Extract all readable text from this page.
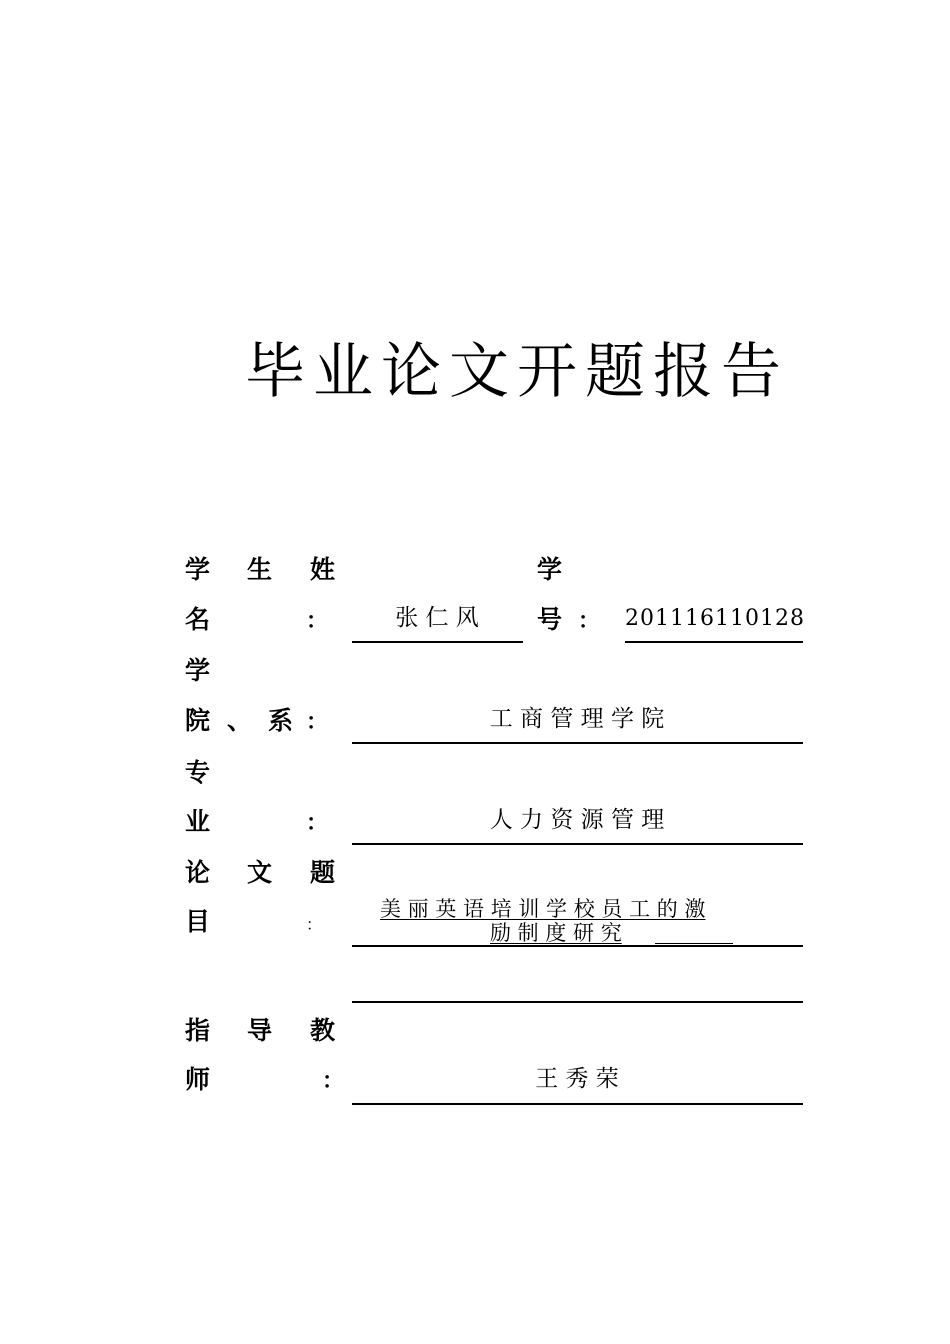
毕业论文开题报告
学 生 姓
名	：	张 仁 风
学
号 ： 201116110128
学
院 、 系 ：	工 商 管 理 学 院
专
业	：	人 力 资 源 管 理
论 文 题
目	：
美 丽 英 语 培 训 学 校 员 工 的 激
励 制 度 研 究
指 导 教
师	：	王 秀 荣
